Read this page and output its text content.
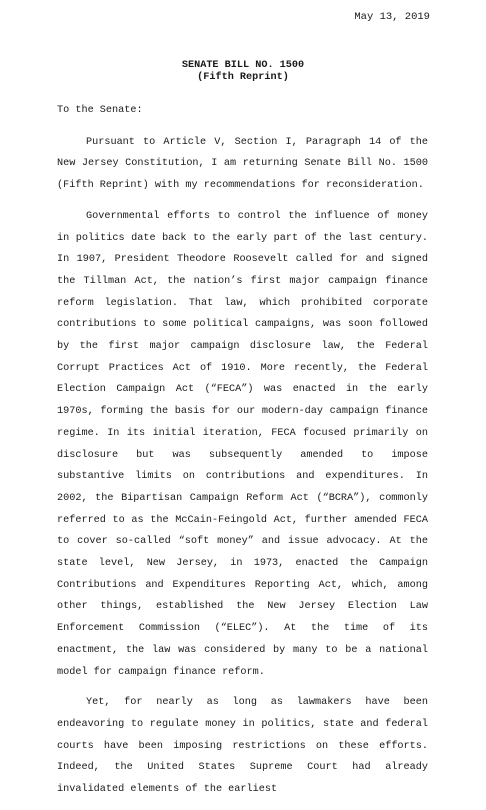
May 13, 2019
SENATE BILL NO. 1500
(Fifth Reprint)
To the Senate:

Pursuant to Article V, Section I, Paragraph 14 of the New Jersey Constitution, I am returning Senate Bill No. 1500 (Fifth Reprint) with my recommendations for reconsideration.

Governmental efforts to control the influence of money in politics date back to the early part of the last century. In 1907, President Theodore Roosevelt called for and signed the Tillman Act, the nation’s first major campaign finance reform legislation. That law, which prohibited corporate contributions to some political campaigns, was soon followed by the first major campaign disclosure law, the Federal Corrupt Practices Act of 1910. More recently, the Federal Election Campaign Act (“FECA”) was enacted in the early 1970s, forming the basis for our modern-day campaign finance regime. In its initial iteration, FECA focused primarily on disclosure but was subsequently amended to impose substantive limits on contributions and expenditures. In 2002, the Bipartisan Campaign Reform Act (“BCRA”), commonly referred to as the McCain-Feingold Act, further amended FECA to cover so-called “soft money” and issue advocacy. At the state level, New Jersey, in 1973, enacted the Campaign Contributions and Expenditures Reporting Act, which, among other things, established the New Jersey Election Law Enforcement Commission (“ELEC”). At the time of its enactment, the law was considered by many to be a national model for campaign finance reform.

Yet, for nearly as long as lawmakers have been endeavoring to regulate money in politics, state and federal courts have been imposing restrictions on these efforts. Indeed, the United States Supreme Court had already invalidated elements of the earliest
